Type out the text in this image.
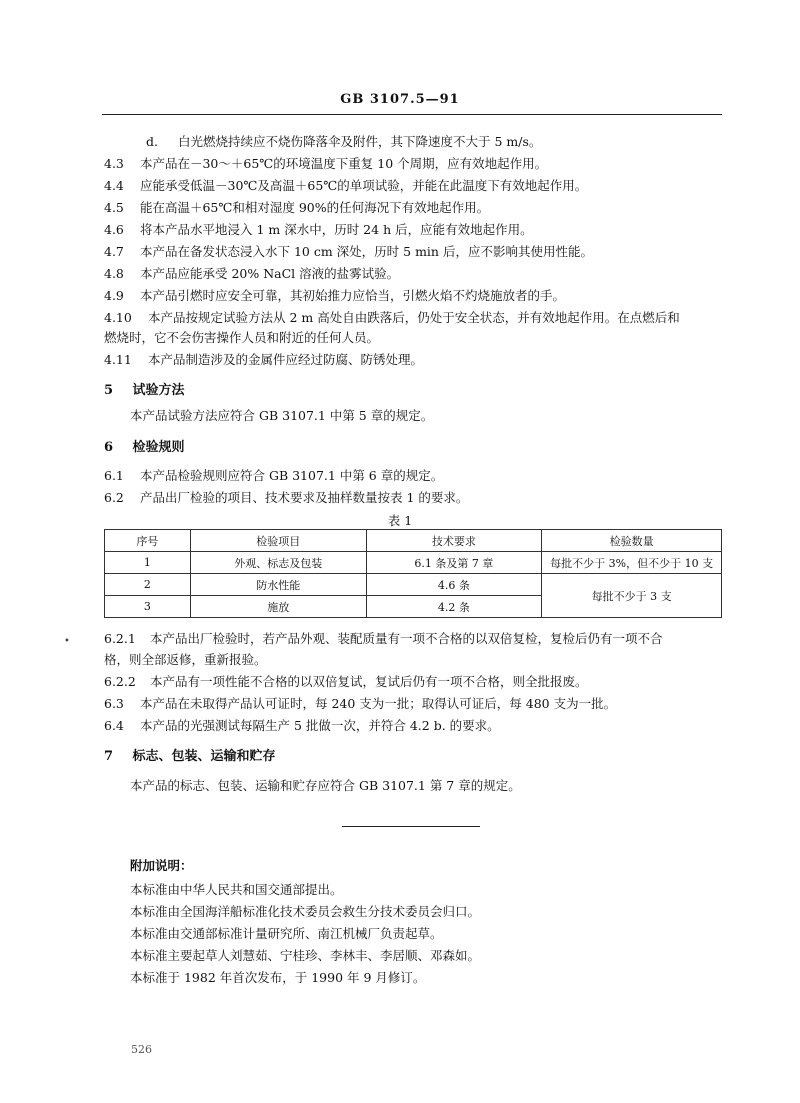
GB 3107.5—91
d. 白光燃烧持续应不烧伤降落伞及附件，其下降速度不大于 5 m/s。
4.3 本产品在－30～＋65℃的环境温度下重复 10 个周期，应有效地起作用。
4.4 应能承受低温－30℃及高温＋65℃的单项试验，并能在此温度下有效地起作用。
4.5 能在高温＋65℃和相对湿度 90%的任何海况下有效地起作用。
4.6 将本产品水平地浸入 1 m 深水中，历时 24 h 后，应能有效地起作用。
4.7 本产品在备发状态浸入水下 10 cm 深处，历时 5 min 后，应不影响其使用性能。
4.8 本产品应能承受 20% NaCl 溶液的盐雾试验。
4.9 本产品引燃时应安全可靠，其初始推力应恰当，引燃火焰不灼烧施放者的手。
4.10 本产品按规定试验方法从 2 m 高处自由跌落后，仍处于安全状态，并有效地起作用。在点燃后和
燃烧时，它不会伤害操作人员和附近的任何人员。
4.11 本产品制造涉及的金属件应经过防腐、防锈处理。
5 试验方法
本产品试验方法应符合 GB 3107.1 中第 5 章的规定。
6 检验规则
6.1 本产品检验规则应符合 GB 3107.1 中第 6 章的规定。
6.2 产品出厂检验的项目、技术要求及抽样数量按表 1 的要求。
表 1
序号	检验项目	技术要求	检验数量
1	外观、标志及包装	6.1 条及第 7 章	每批不少于 3%，但不少于 10 支
2	防水性能	4.6 条	每批不少于 3 支
3	施放	4.2 条	
•	6.2.1 本产品出厂检验时，若产品外观、装配质量有一项不合格的以双倍复检，复检后仍有一项不合
格，则全部返修，重新报验。
6.2.2 本产品有一项性能不合格的以双倍复试，复试后仍有一项不合格，则全批报废。
6.3 本产品在未取得产品认可证时，每 240 支为一批；取得认可证后，每 480 支为一批。
6.4 本产品的光强测试每隔生产 5 批做一次，并符合 4.2 b. 的要求。
7 标志、包装、运输和贮存
本产品的标志、包装、运输和贮存应符合 GB 3107.1 第 7 章的规定。
附加说明：
本标准由中华人民共和国交通部提出。
本标准由全国海洋船标准化技术委员会救生分技术委员会归口。
本标准由交通部标准计量研究所、南江机械厂负责起草。
本标准主要起草人刘慧茹、宁桂珍、李林丰、李居顺、邓森如。
本标准于 1982 年首次发布，于 1990 年 9 月修订。
526
